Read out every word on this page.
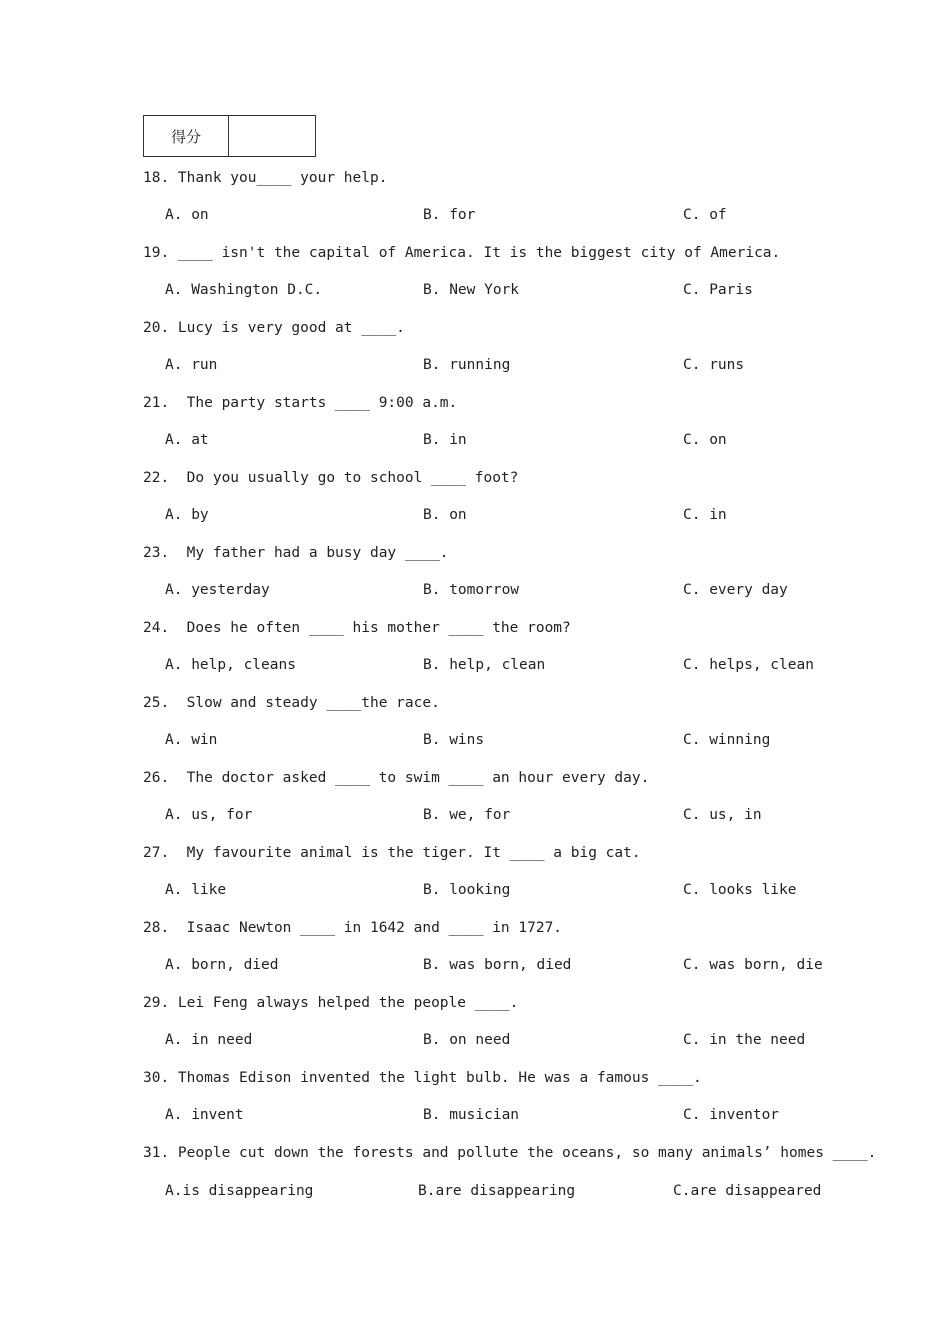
得分
18. Thank you____ your help.
A. on	B. for	C. of
19. ____ isn't the capital of America. It is the biggest city of America.
A. Washington D.C.	B. New York	C. Paris
20. Lucy is very good at ____.
A. run	B. running	C. runs
21.  The party starts ____ 9:00 a.m.
A. at	B. in	C. on
22.  Do you usually go to school ____ foot?
A. by	B. on	C. in
23.  My father had a busy day ____.
A. yesterday	B. tomorrow	C. every day
24.  Does he often ____ his mother ____ the room?
A. help, cleans	B. help, clean	C. helps, clean
25.  Slow and steady ____the race.
A. win	B. wins	C. winning
26.  The doctor asked ____ to swim ____ an hour every day.
A. us, for	B. we, for	C. us, in
27.  My favourite animal is the tiger. It ____ a big cat.
A. like	B. looking	C. looks like
28.  Isaac Newton ____ in 1642 and ____ in 1727.
A. born, died	B. was born, died	C. was born, die
29. Lei Feng always helped the people ____.
A. in need	B. on need	C. in the need
30. Thomas Edison invented the light bulb. He was a famous ____.
A. invent	B. musician	C. inventor
31. People cut down the forests and pollute the oceans, so many animals’ homes ____.
A.is disappearing	B.are disappearing	C.are disappeared
